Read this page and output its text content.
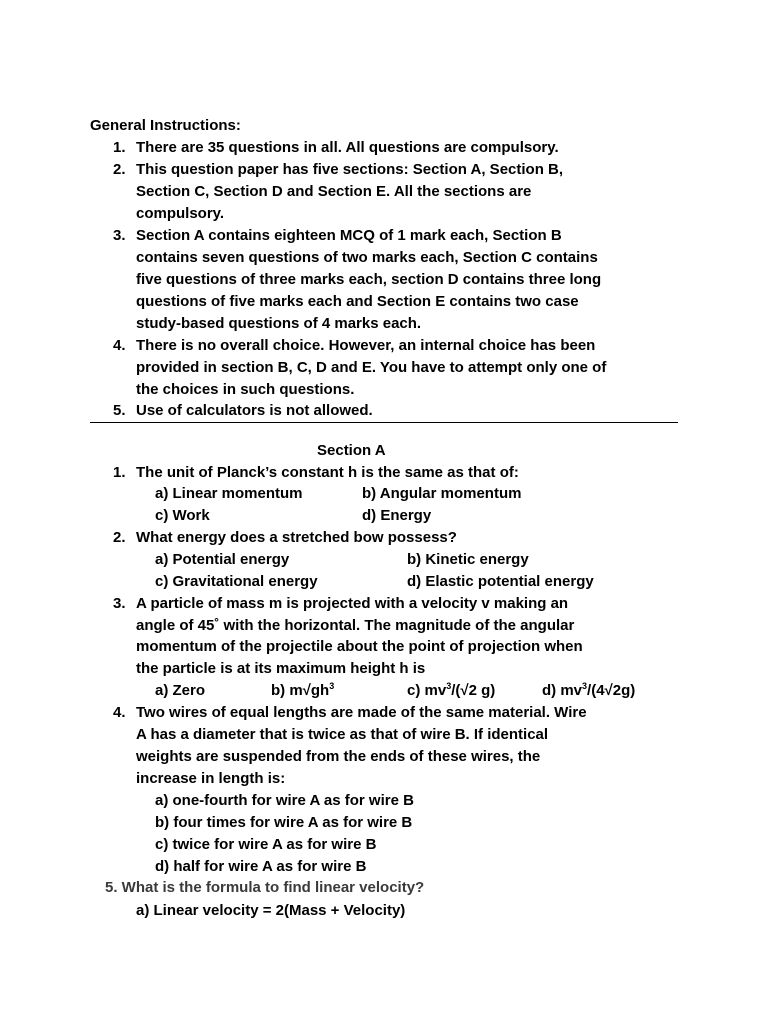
General Instructions:
1. There are 35 questions in all. All questions are compulsory.
2. This question paper has five sections: Section A, Section B,
Section C, Section D and Section E. All the sections are
compulsory.
3. Section A contains eighteen MCQ of 1 mark each, Section B
contains seven questions of two marks each, Section C contains
five questions of three marks each, section D contains three long
questions of five marks each and Section E contains two case
study-based questions of 4 marks each.
4. There is no overall choice. However, an internal choice has been
provided in section B, C, D and E. You have to attempt only one of
the choices in such questions.
5. Use of calculators is not allowed.
Section A
1. The unit of Planck’s constant h is the same as that of:
a) Linear momentum	b) Angular momentum
c) Work	d) Energy
2. What energy does a stretched bow possess?
a) Potential energy	b) Kinetic energy
c) Gravitational energy	d) Elastic potential energy
3. A particle of mass m is projected with a velocity v making an
angle of 45˚ with the horizontal. The magnitude of the angular
momentum of the projectile about the point of projection when
the particle is at its maximum height h is
a) Zero	b) $m√gh^3$	c) $mv^3/(√2$ g)	d) $mv^3/(4√2g)$
4. Two wires of equal lengths are made of the same material. Wire
A has a diameter that is twice as that of wire B. If identical
weights are suspended from the ends of these wires, the
increase in length is:
a) one-fourth for wire A as for wire B
b) four times for wire A as for wire B
c) twice for wire A as for wire B
d) half for wire A as for wire B
5. What is the formula to find linear velocity?
a) Linear velocity = 2(Mass + Velocity)
